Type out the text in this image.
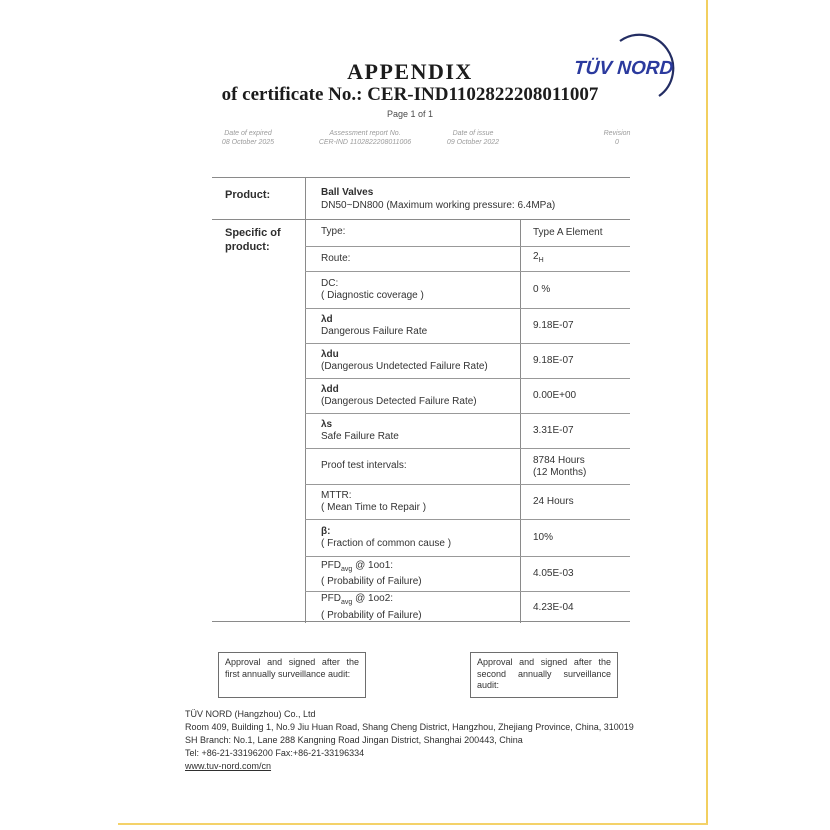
APPENDIX
of certificate No.: CER-IND1102822208011007
Page 1 of 1
TÜV NORD
Date of expired
08 October 2025
Assessment report No.
CER-IND 1102822208011006
Date of issue
09 October 2022
Revision
0
Product:
Specific of product:
Ball Valves
DN50~DN800 (Maximum working pressure: 6.4MPa)
Type:	Type A Element
Route:	$2_H$
DC:
( Diagnostic coverage )
0 %
λd
Dangerous Failure Rate
9.18E-07
λdu
(Dangerous Undetected Failure Rate)
9.18E-07
λdd
(Dangerous Detected Failure Rate)
0.00E+00
λs
Safe Failure Rate
3.31E-07
Proof test intervals:
8784 Hours
(12 Months)
MTTR:
( Mean Time to Repair )
24 Hours
β:
( Fraction of common cause )
10%
$PFD_{avg}$ @ 1oo1:
( Probability of Failure)
4.05E-03
$PFD_{avg}$ @ 1oo2:
( Probability of Failure)
4.23E-04
Approval and signed after the first annually surveillance audit:
Approval and signed after the second annually surveillance audit:
TÜV NORD (Hangzhou) Co., Ltd
Room 409, Building 1, No.9 Jiu Huan Road, Shang Cheng District, Hangzhou, Zhejiang Province, China, 310019
SH Branch: No.1, Lane 288 Kangning Road Jingan District, Shanghai 200443, China
Tel: +86-21-33196200 Fax:+86-21-33196334
www.tuv-nord.com/cn
